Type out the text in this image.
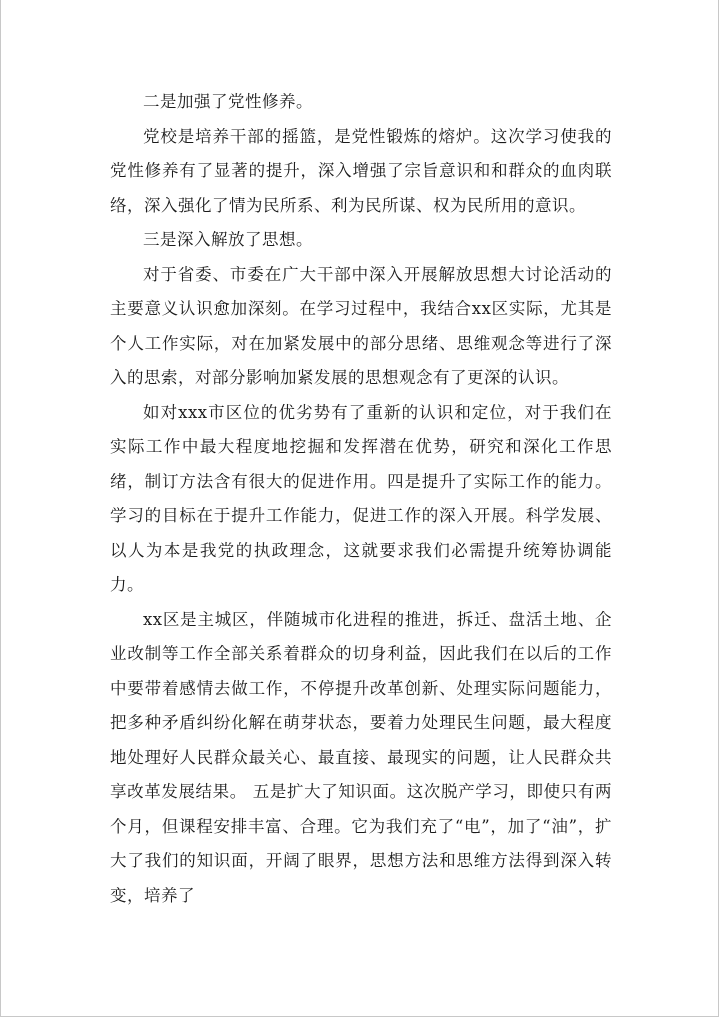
二是加强了党性修养。

党校是培养干部的摇篮，是党性锻炼的熔炉。这次学习使我的党性修养有了显著的提升，深入增强了宗旨意识和和群众的血肉联络，深入强化了情为民所系、利为民所谋、权为民所用的意识。

三是深入解放了思想。

对于省委、市委在广大干部中深入开展解放思想大讨论活动的主要意义认识愈加深刻。在学习过程中，我结合xx区实际，尤其是个人工作实际，对在加紧发展中的部分思绪、思维观念等进行了深入的思索，对部分影响加紧发展的思想观念有了更深的认识。

如对xxx市区位的优劣势有了重新的认识和定位，对于我们在实际工作中最大程度地挖掘和发挥潜在优势，研究和深化工作思绪，制订方法含有很大的促进作用。四是提升了实际工作的能力。学习的目标在于提升工作能力，促进工作的深入开展。科学发展、以人为本是我党的执政理念，这就要求我们必需提升统筹协调能力。

xx区是主城区，伴随城市化进程的推进，拆迁、盘活土地、企业改制等工作全部关系着群众的切身利益，因此我们在以后的工作中要带着感情去做工作，不停提升改革创新、处理实际问题能力，把多种矛盾纠纷化解在萌芽状态，要着力处理民生问题，最大程度地处理好人民群众最关心、最直接、最现实的问题，让人民群众共享改革发展结果。 五是扩大了知识面。这次脱产学习，即使只有两个月，但课程安排丰富、合理。它为我们充了“电”，加了“油”，扩大了我们的知识面，开阔了眼界，思想方法和思维方法得到深入转变，培养了
